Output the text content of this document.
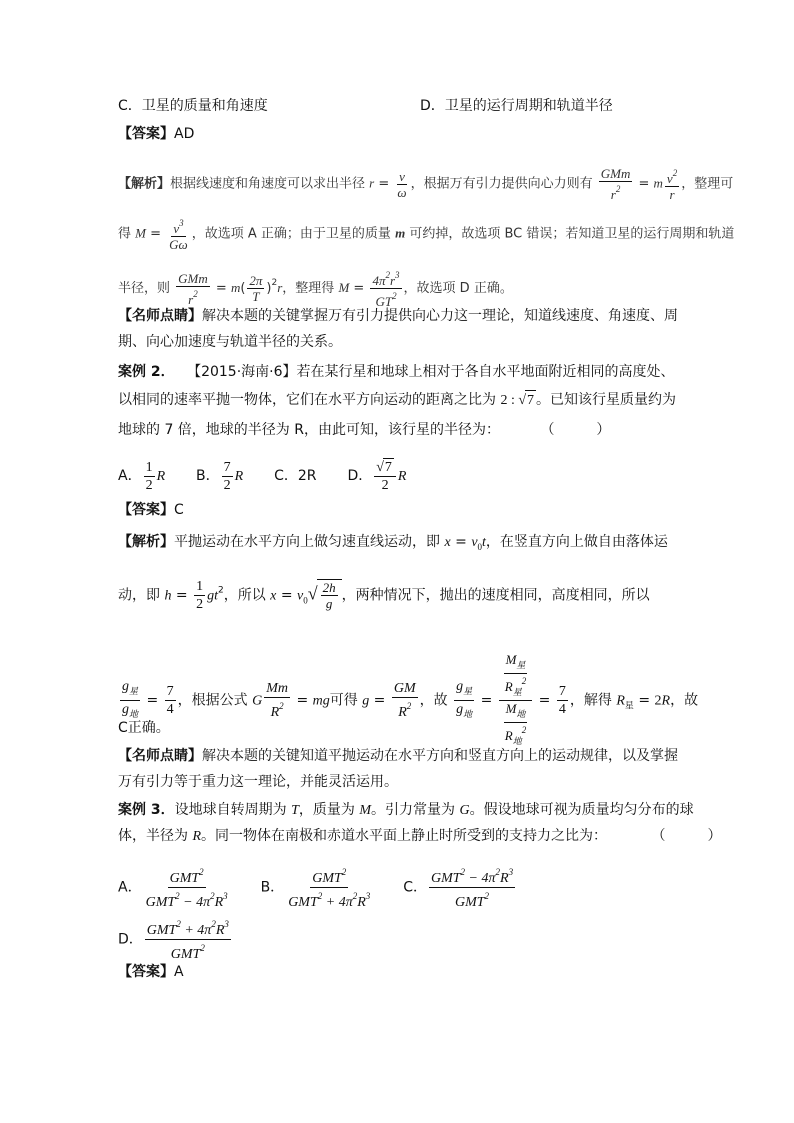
C．卫星的质量和角速度	D．卫星的运行周期和轨道半径
【答案】AD
【解析】根据线速度和角速度可以求出半径 $r = \frac{v}{\omega}$ ，根据万有引力提供向心力则有 $\frac{\text{GMm}}{r^2} = m \frac{v^2}{r}$ ，整理可
得 $M = \frac{v^3}{G\omega}$ ，故选项 A 正确；由于卫星的质量 m 可约掉，故选项 BC 错误；若知道卫星的运行周期和轨道
半径，则 $\frac{\text{GMm}}{r^2} = m( \frac{2\pi}{T} )^2r$，整理得 $M = \frac{4\pi^2r^3}{GT^2}$ ，故选项 D 正确。
【名师点睛】解决本题的关键掌握万有引力提供向心力这一理论，知道线速度、角速度、周
期、向心加速度与轨道半径的关系。
案例 2． 【2015·海南·6】若在某行星和地球上相对于各自水平地面附近相同的高度处、
以相同的速率平抛一物体，它们在水平方向运动的距离之比为 2 : √7 。已知该行星质量约为
地球的 7 倍，地球的半径为 R，由此可知，该行星的半径为：	（　　　）
A． $\frac{1}{2}$ R B． $\frac{7}{2}$ R C．2R D． $\frac{√7}{2}$ R
【答案】C
【解析】平抛运动在水平方向上做匀速直线运动，即 $x = v_0t$，在竖直方向上做自由落体运
动，即 $h = \frac{1}{2} gt^2$，所以 $x = v_0√ \frac{2h}{g}$ ，两种情况下，抛出的速度相同，高度相同，所以
$\frac{g_星}{g_地} = \frac{7}{4}$ ，根据公式 G $\frac{Mm}{R^2}$ = mg可得 $g = \frac{GM}{R^2}$ ，故 $\frac{g_星}{g_地} = \frac{\frac{M_星}{R_星^2}}{\frac{M_地}{R_地^2}} = \frac{7}{4}$ ，解得 $R_星 = 2R$，故
C正确。
【名师点睛】解决本题的关键知道平抛运动在水平方向和竖直方向上的运动规律，以及掌握
万有引力等于重力这一理论，并能灵活运用。
案例 3．设地球自转周期为 T，质量为 M。引力常量为 G。假设地球可视为质量均匀分布的球
体，半径为 R。同一物体在南极和赤道水平面上静止时所受到的支持力之比为：	（　　　）
A． $\frac{GMT^2}{GMT^2 - 4\pi^2R^3}$ B． $\frac{GMT^2}{GMT^2 + 4\pi^2R^3}$ C． $\frac{GMT^2 - 4\pi^2R^3}{GMT^2}$
D． $\frac{GMT^2 + 4\pi^2R^3}{GMT^2}$
【答案】A
